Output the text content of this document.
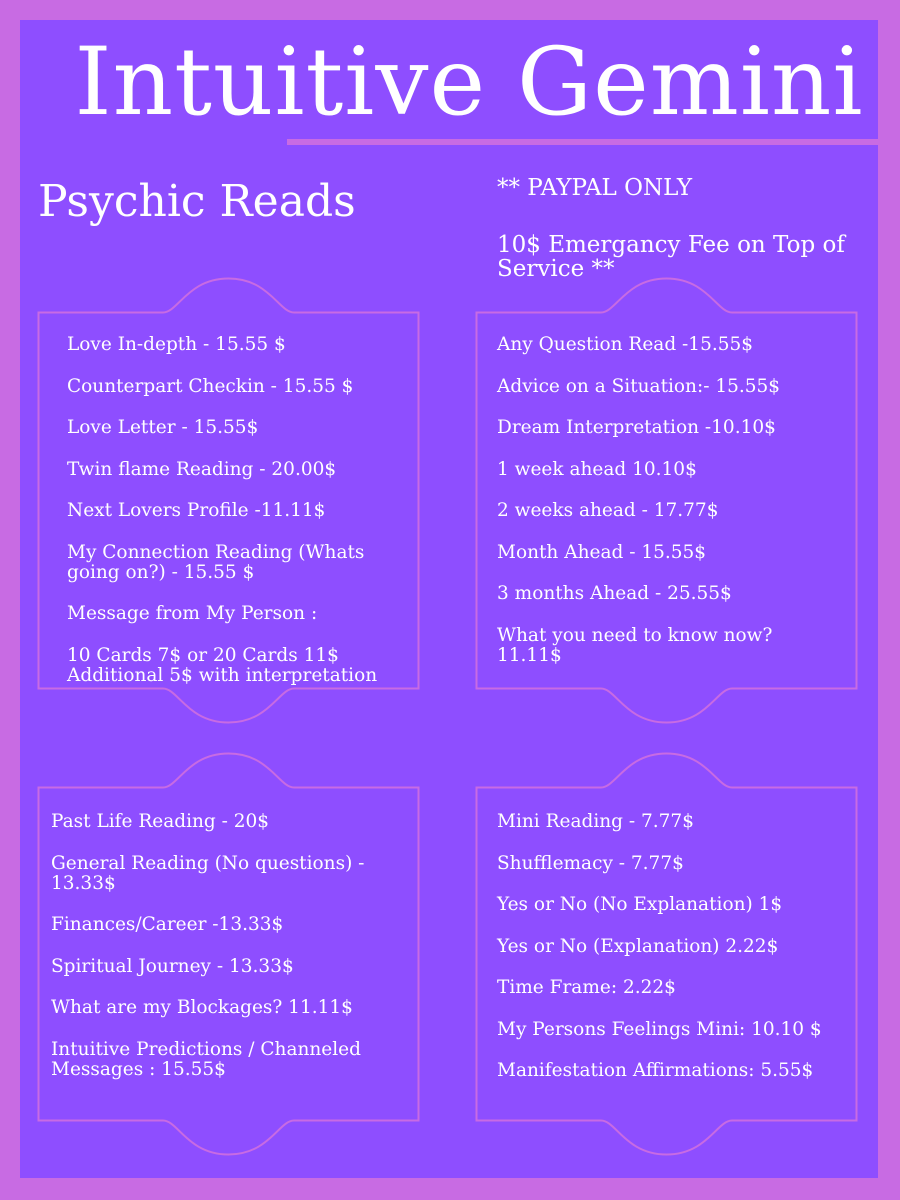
Intuitive Gemini
Psychic Reads	** PAYPAL ONLY
10$ Emergancy Fee on Top of Service **
Love In-depth - 15.55 $
Counterpart Checkin - 15.55 $
Love Letter - 15.55$
Twin flame Reading - 20.00$
Next Lovers Profile -11.11$
My Connection Reading (Whats going on?) - 15.55 $
Message from My Person :
10 Cards 7$ or 20 Cards 11$ Additional 5$ with interpretation
Any Question Read -15.55$
Advice on a Situation:- 15.55$
Dream Interpretation -10.10$
1 week ahead 10.10$
2 weeks ahead - 17.77$
Month Ahead - 15.55$
3 months Ahead - 25.55$
What you need to know now? 11.11$
Past Life Reading - 20$
General Reading (No questions) - 13.33$
Finances/Career -13.33$
Spiritual Journey - 13.33$
What are my Blockages? 11.11$
Intuitive Predictions / Channeled Messages : 15.55$
Mini Reading - 7.77$
Shufflemacy - 7.77$
Yes or No (No Explanation) 1$
Yes or No (Explanation) 2.22$
Time Frame: 2.22$
My Persons Feelings Mini: 10.10 $
Manifestation Affirmations: 5.55$
